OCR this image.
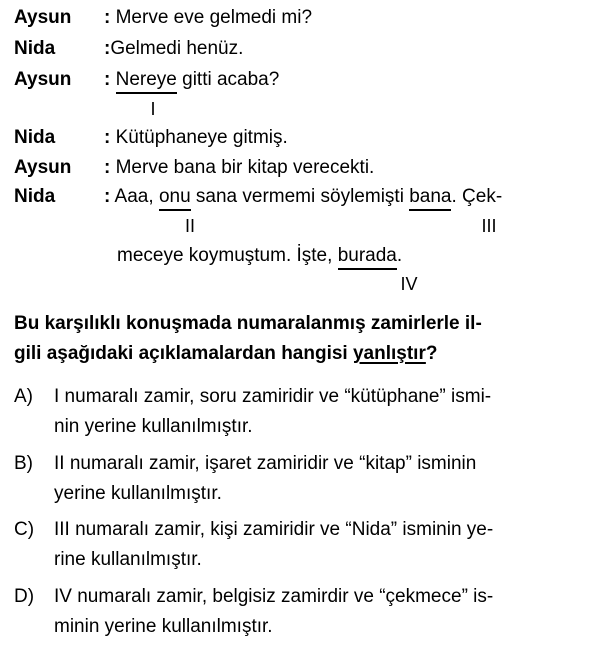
Aysun : Merve eve gelmedi mi?
Nida	:Gelmedi henüz.
Aysun : Nereye gitti acaba?
I
Nida	: Kütüphaneye gitmiş.
Aysun : Merve bana bir kitap verecekti.
Nida	: Aaa, onu sana vermemi söylemişti bana. Çek-
II	III
meceye koymuştum. İşte, burada.
IV
Bu karşılıklı konuşmada numaralanmış zamirlerle il-
gili aşağıdaki açıklamalardan hangisi yanlıştır?
A) I numaralı zamir, soru zamiridir ve “kütüphane” ismi-
nin yerine kullanılmıştır.
B) II numaralı zamir, işaret zamiridir ve “kitap” isminin
yerine kullanılmıştır.
C) III numaralı zamir, kişi zamiridir ve “Nida” isminin ye-
rine kullanılmıştır.
D) IV numaralı zamir, belgisiz zamirdir ve “çekmece” is-
minin yerine kullanılmıştır.
